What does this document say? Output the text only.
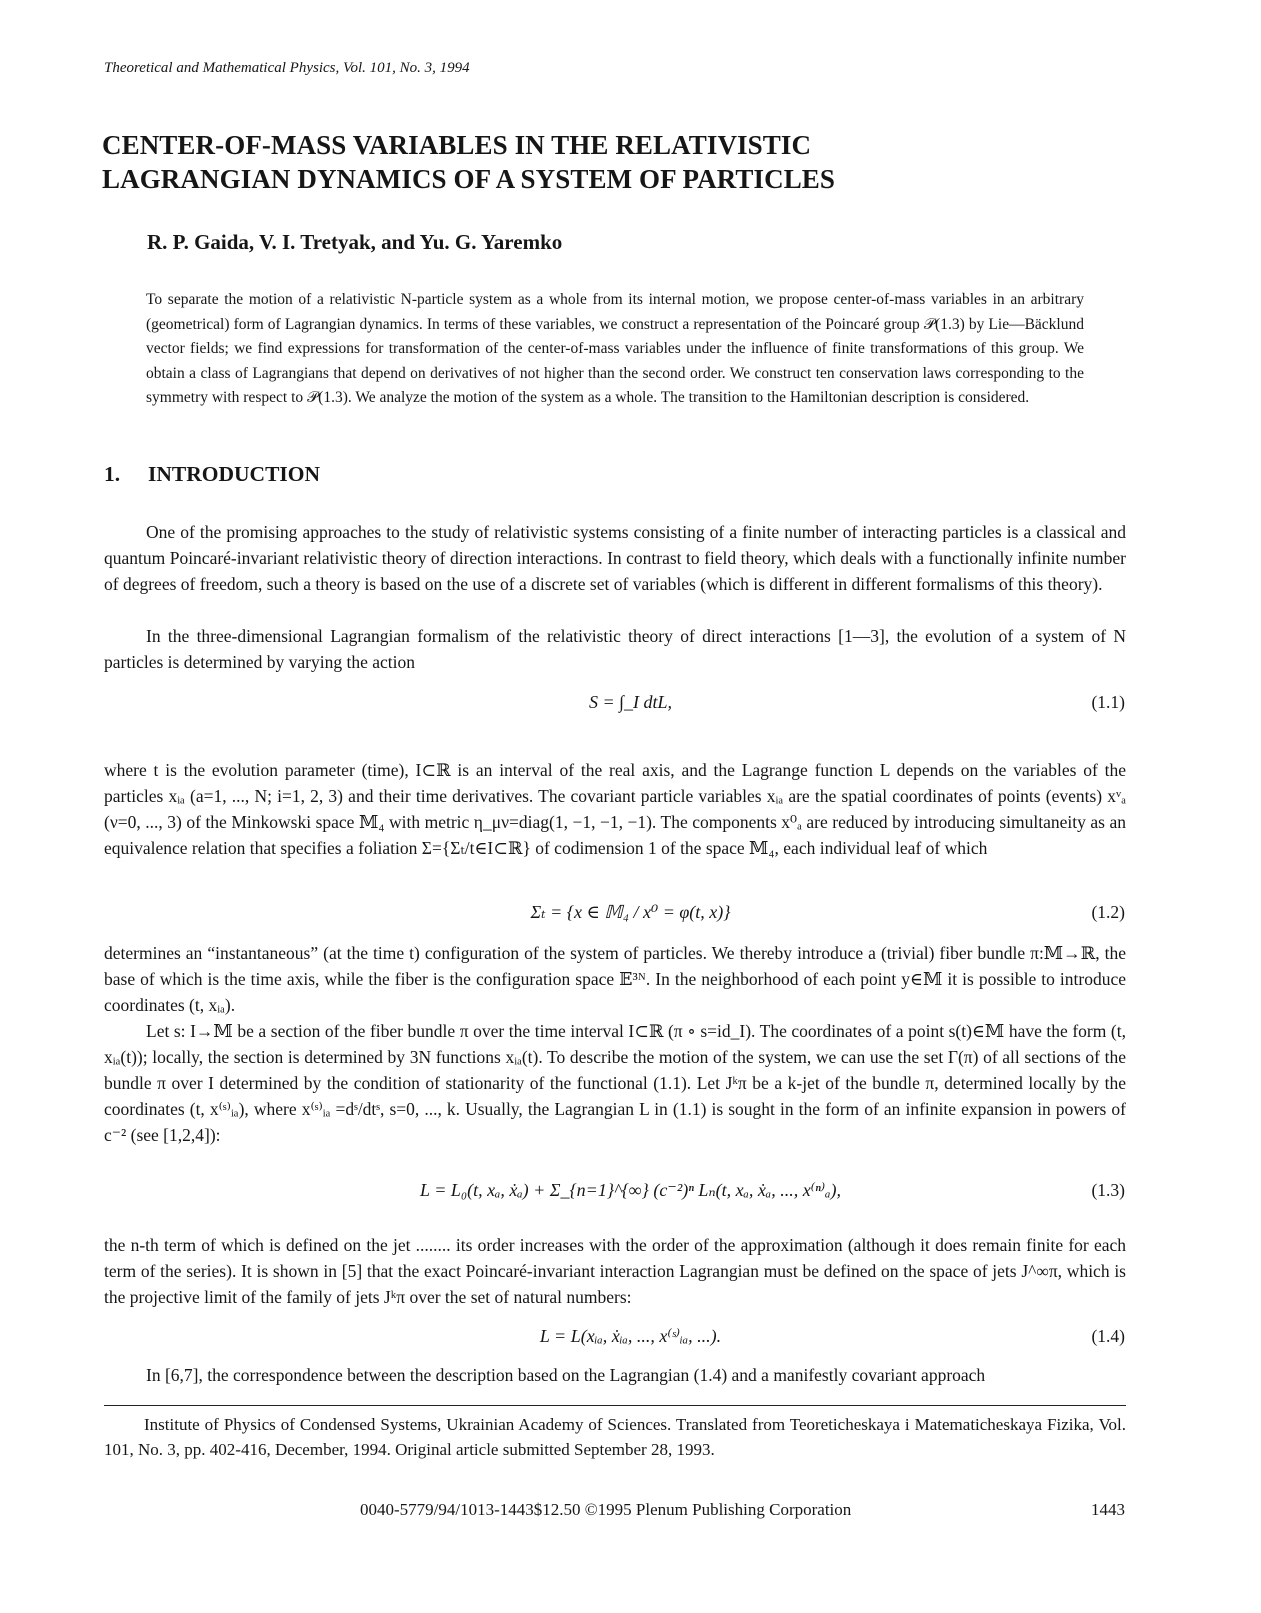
Theoretical and Mathematical Physics, Vol. 101, No. 3, 1994
CENTER-OF-MASS VARIABLES IN THE RELATIVISTIC
LAGRANGIAN DYNAMICS OF A SYSTEM OF PARTICLES
R. P. Gaida, V. I. Tretyak, and Yu. G. Yaremko
To separate the motion of a relativistic N-particle system as a whole from its internal motion, we propose center-of-mass variables in an arbitrary (geometrical) form of Lagrangian dynamics. In terms of these variables, we construct a representation of the Poincaré group 𝒫(1.3) by Lie—Bäcklund vector fields; we find expressions for transformation of the center-of-mass variables under the influence of finite transformations of this group. We obtain a class of Lagrangians that depend on derivatives of not higher than the second order. We construct ten conservation laws corresponding to the symmetry with respect to 𝒫(1.3). We analyze the motion of the system as a whole. The transition to the Hamiltonian description is considered.
1. INTRODUCTION
One of the promising approaches to the study of relativistic systems consisting of a finite number of interacting particles is a classical and quantum Poincaré-invariant relativistic theory of direction interactions. In contrast to field theory, which deals with a functionally infinite number of degrees of freedom, such a theory is based on the use of a discrete set of variables (which is different in different formalisms of this theory).
In the three-dimensional Lagrangian formalism of the relativistic theory of direct interactions [1—3], the evolution of a system of N particles is determined by varying the action
S = ∫_I dtL,	(1.1)
where t is the evolution parameter (time), I⊂ℝ is an interval of the real axis, and the Lagrange function L depends on the variables of the particles xᵢₐ (a=1, ..., N; i=1, 2, 3) and their time derivatives. The covariant particle variables xᵢₐ are the spatial coordinates of points (events) xᵛₐ (ν=0, ..., 3) of the Minkowski space 𝕄₄ with metric η_μν=diag(1, −1, −1, −1). The components x⁰ₐ are reduced by introducing simultaneity as an equivalence relation that specifies a foliation Σ={Σₜ/t∈I⊂ℝ} of codimension 1 of the space 𝕄₄, each individual leaf of which
Σₜ = {x ∈ 𝕄₄ / x⁰ = φ(t, x)}	(1.2)
determines an “instantaneous” (at the time t) configuration of the system of particles. We thereby introduce a (trivial) fiber bundle π:𝕄→ℝ, the base of which is the time axis, while the fiber is the configuration space 𝔼³ᴺ. In the neighborhood of each point y∈𝕄 it is possible to introduce coordinates (t, xᵢₐ).
Let s: I→𝕄 be a section of the fiber bundle π over the time interval I⊂ℝ (π ∘ s=id_I). The coordinates of a point s(t)∈𝕄 have the form (t, xᵢₐ(t)); locally, the section is determined by 3N functions xᵢₐ(t). To describe the motion of the system, we can use the set Γ(π) of all sections of the bundle π over I determined by the condition of stationarity of the functional (1.1). Let Jᵏπ be a k-jet of the bundle π, determined locally by the coordinates (t, x⁽ˢ⁾ᵢₐ), where x⁽ˢ⁾ᵢₐ =dˢ/dtˢ, s=0, ..., k. Usually, the Lagrangian L in (1.1) is sought in the form of an infinite expansion in powers of c⁻² (see [1,2,4]):
L = L₀(t, xₐ, ẋₐ) + Σ_{n=1}^{∞} (c⁻²)ⁿ Lₙ(t, xₐ, ẋₐ, ..., x⁽ⁿ⁾ₐ),	(1.3)
the n-th term of which is defined on the jet ........ its order increases with the order of the approximation (although it does remain finite for each term of the series). It is shown in [5] that the exact Poincaré-invariant interaction Lagrangian must be defined on the space of jets J^∞π, which is the projective limit of the family of jets Jᵏπ over the set of natural numbers:
L = L(xᵢₐ, ẋᵢₐ, ..., x⁽ˢ⁾ᵢₐ, ...).	(1.4)
In [6,7], the correspondence between the description based on the Lagrangian (1.4) and a manifestly covariant approach
Institute of Physics of Condensed Systems, Ukrainian Academy of Sciences. Translated from Teoreticheskaya i Matematicheskaya Fizika, Vol. 101, No. 3, pp. 402-416, December, 1994. Original article submitted September 28, 1993.
0040-5779/94/1013-1443$12.50 ©1995 Plenum Publishing Corporation	1443
